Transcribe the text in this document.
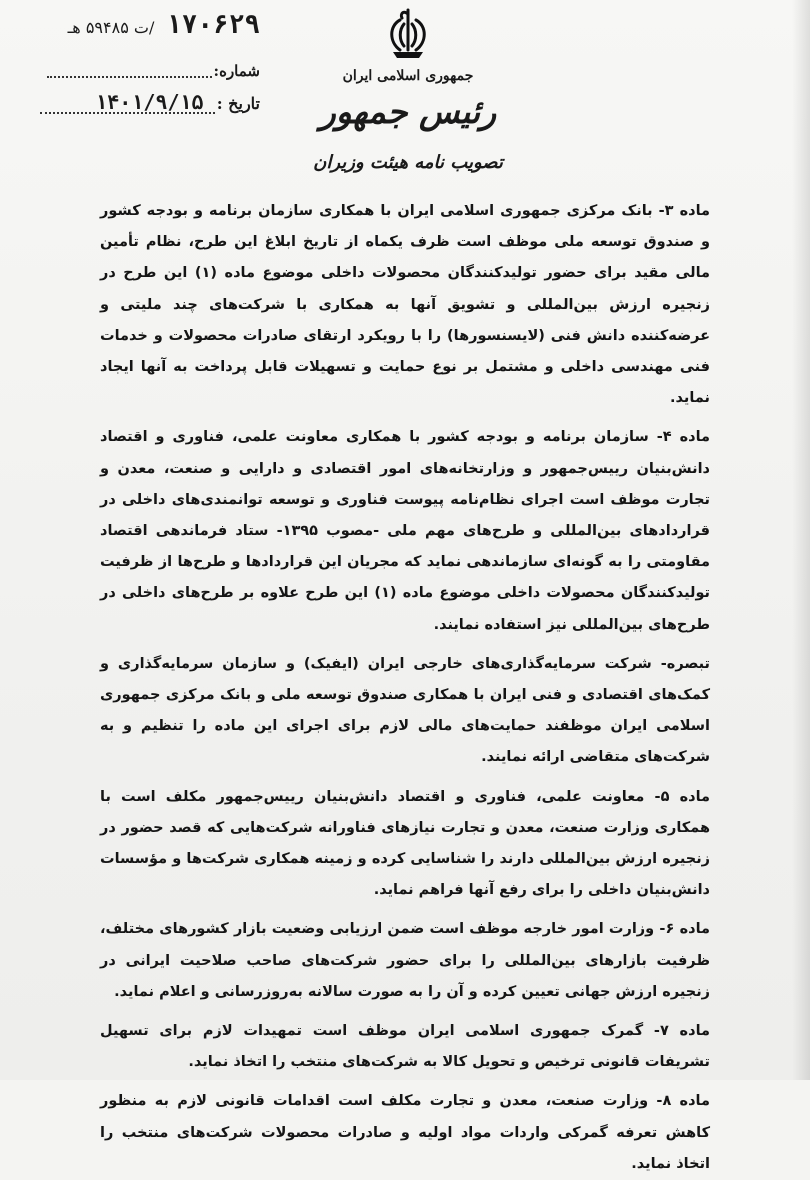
۱۷۰۶۲۹ /ت ۵۹۴۸۵ هـ
شماره:
تاریخ : ۱۴۰۱/۹/۱۵
جمهوری اسلامی ایران
رئیس جمهور
تصویب نامه هیئت وزیران

ماده ۳- بانک مرکزی جمهوری اسلامی ایران با همکاری سازمان برنامه و بودجه کشور و صندوق توسعه ملی موظف است ظرف یکماه از تاریخ ابلاغ این طرح، نظام تأمین مالی مقید برای حضور تولیدکنندگان محصولات داخلی موضوع ماده (۱) این طرح در زنجیره ارزش بین‌المللی و تشویق آنها به همکاری با شرکت‌های چند ملیتی و عرضه‌کننده دانش فنی (لایسنسورها) را با رویکرد ارتقای صادرات محصولات و خدمات فنی مهندسی داخلی و مشتمل بر نوع حمایت و تسهیلات قابل پرداخت به آنها ایجاد نماید.

ماده ۴- سازمان برنامه و بودجه کشور با همکاری معاونت علمی، فناوری و اقتصاد دانش‌بنیان رییس‌جمهور و وزارتخانه‌های امور اقتصادی و دارایی و صنعت، معدن و تجارت موظف است اجرای نظام‌نامه پیوست فناوری و توسعه توانمندی‌های داخلی در قراردادهای بین‌المللی و طرح‌های مهم ملی -مصوب ۱۳۹۵- ستاد فرماندهی اقتصاد مقاومتی را به گونه‌ای سازماندهی نماید که مجریان این قراردادها و طرح‌ها از ظرفیت تولیدکنندگان محصولات داخلی موضوع ماده (۱) این طرح علاوه بر طرح‌های داخلی در طرح‌های بین‌المللی نیز استفاده نمایند.

تبصره- شرکت سرمایه‌گذاری‌های خارجی ایران (ایفیک) و سازمان سرمایه‌گذاری و کمک‌های اقتصادی و فنی ایران با همکاری صندوق توسعه ملی و بانک مرکزی جمهوری اسلامی ایران موظفند حمایت‌های مالی لازم برای اجرای این ماده را تنظیم و به شرکت‌های متقاضی ارائه نمایند.

ماده ۵- معاونت علمی، فناوری و اقتصاد دانش‌بنیان رییس‌جمهور مکلف است با همکاری وزارت صنعت، معدن و تجارت نیازهای فناورانه شرکت‌هایی که قصد حضور در زنجیره ارزش بین‌المللی دارند را شناسایی کرده و زمینه همکاری شرکت‌ها و مؤسسات دانش‌بنیان داخلی را برای رفع آنها فراهم نماید.

ماده ۶- وزارت امور خارجه موظف است ضمن ارزیابی وضعیت بازار کشورهای مختلف، ظرفیت بازارهای بین‌المللی را برای حضور شرکت‌های صاحب صلاحیت ایرانی در زنجیره ارزش جهانی تعیین کرده و آن را به صورت سالانه به‌روزرسانی و اعلام نماید.

ماده ۷- گمرک جمهوری اسلامی ایران موظف است تمهیدات لازم برای تسهیل تشریفات قانونی ترخیص و تحویل کالا به شرکت‌های منتخب را اتخاذ نماید.

ماده ۸- وزارت صنعت، معدن و تجارت مکلف است اقدامات قانونی لازم به منظور کاهش تعرفه گمرکی واردات مواد اولیه و صادرات محصولات شرکت‌های منتخب را اتخاذ نماید.
